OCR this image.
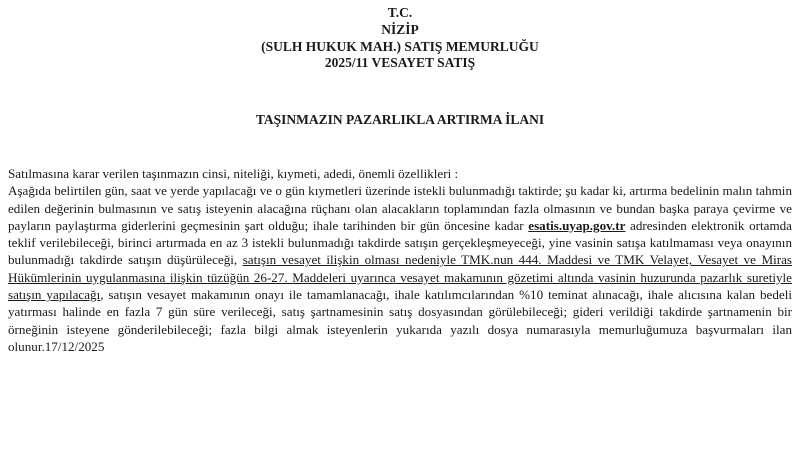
T.C.
NİZİP
(SULH HUKUK MAH.) SATIŞ MEMURLUĞU
2025/11 VESAYET SATIŞ
TAŞINMAZIN PAZARLIKLA ARTIRMA İLANI

Satılmasına karar verilen taşınmazın cinsi, niteliği, kıymeti, adedi, önemli özellikleri :

Aşağıda belirtilen gün, saat ve yerde yapılacağı ve o gün kıymetleri üzerinde istekli bulunmadığı taktirde; şu kadar ki, artırma bedelinin malın tahmin edilen değerinin bulmasının ve satış isteyenin alacağına rüçhanı olan alacakların toplamından fazla olmasının ve bundan başka paraya çevirme ve payların paylaştırma giderlerini geçmesinin şart olduğu; ihale tarihinden bir gün öncesine kadar esatis.uyap.gov.tr adresinden elektronik ortamda teklif verilebileceği, birinci artırmada en az 3 istekli bulunmadığı takdirde satışın gerçekleşmeyeceği, yine vasinin satışa katılmaması veya onayının bulunmadığı takdirde satışın düşürüleceği, satışın vesayet ilişkin olması nedeniyle TMK.nun 444. Maddesi ve TMK Velayet, Vesayet ve Miras Hükümlerinin uygulanmasına ilişkin tüzüğün 26-27. Maddeleri uyarınca vesayet makamının gözetimi altında vasinin huzurunda pazarlık suretiyle satışın yapılacağı, satışın vesayet makamının onayı ile tamamlanacağı, ihale katılımcılarından %10 teminat alınacağı, ihale alıcısına kalan bedeli yatırması halinde en fazla 7 gün süre verileceği, satış şartnamesinin satış dosyasından görülebileceği; gideri verildiği takdirde şartnamenin bir örneğinin isteyene gönderilebileceği; fazla bilgi almak isteyenlerin yukarıda yazılı dosya numarasıyla memurluğumuza başvurmaları ilan olunur.17/12/2025
